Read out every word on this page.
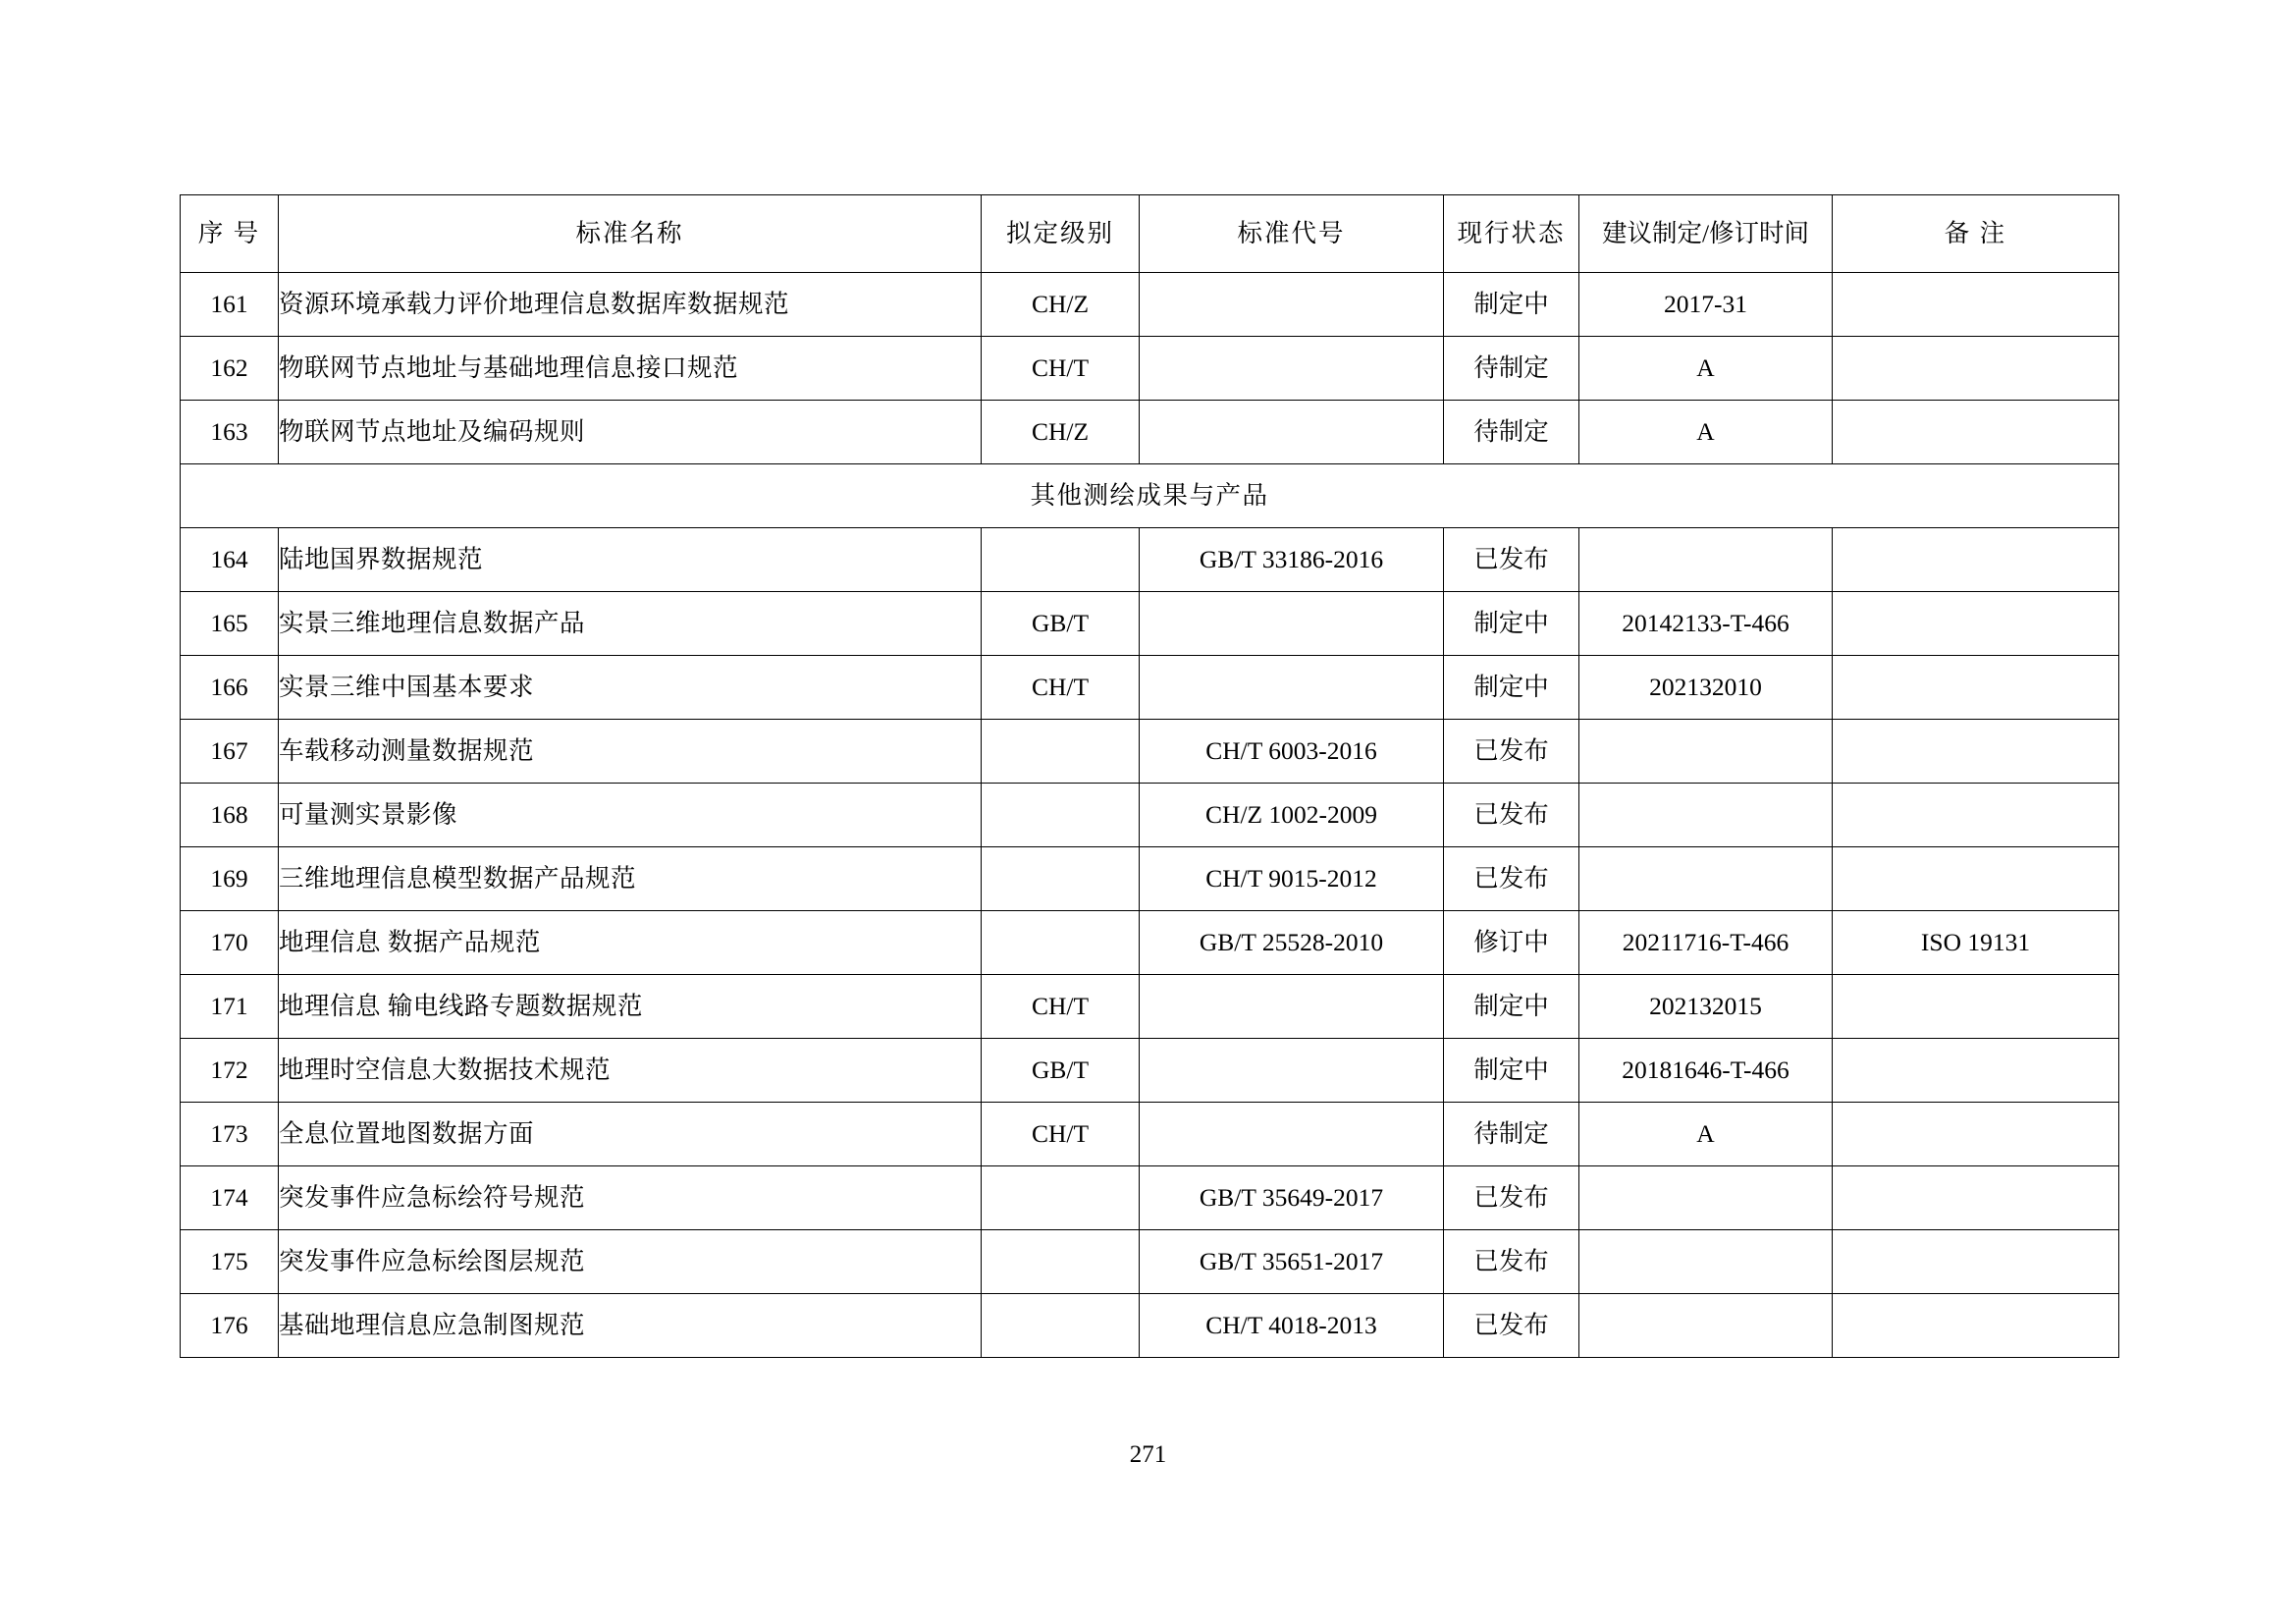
序 号	标准名称	拟定级别	标准代号	现行状态	建议制定/修订时间	备 注
161	资源环境承载力评价地理信息数据库数据规范	CH/Z		制定中	2017-31	
162	物联网节点地址与基础地理信息接口规范	CH/T		待制定	A	
163	物联网节点地址及编码规则	CH/Z		待制定	A	
其他测绘成果与产品						
164	陆地国界数据规范		GB/T 33186-2016	已发布		
165	实景三维地理信息数据产品	GB/T		制定中	20142133-T-466	
166	实景三维中国基本要求	CH/T		制定中	202132010	
167	车载移动测量数据规范		CH/T 6003-2016	已发布		
168	可量测实景影像		CH/Z 1002-2009	已发布		
169	三维地理信息模型数据产品规范		CH/T 9015-2012	已发布		
170	地理信息 数据产品规范		GB/T 25528-2010	修订中	20211716-T-466	ISO 19131
171	地理信息 输电线路专题数据规范	CH/T		制定中	202132015	
172	地理时空信息大数据技术规范	GB/T		制定中	20181646-T-466	
173	全息位置地图数据方面	CH/T		待制定	A	
174	突发事件应急标绘符号规范		GB/T 35649-2017	已发布		
175	突发事件应急标绘图层规范		GB/T 35651-2017	已发布		
176	基础地理信息应急制图规范		CH/T 4018-2013	已发布		
271
